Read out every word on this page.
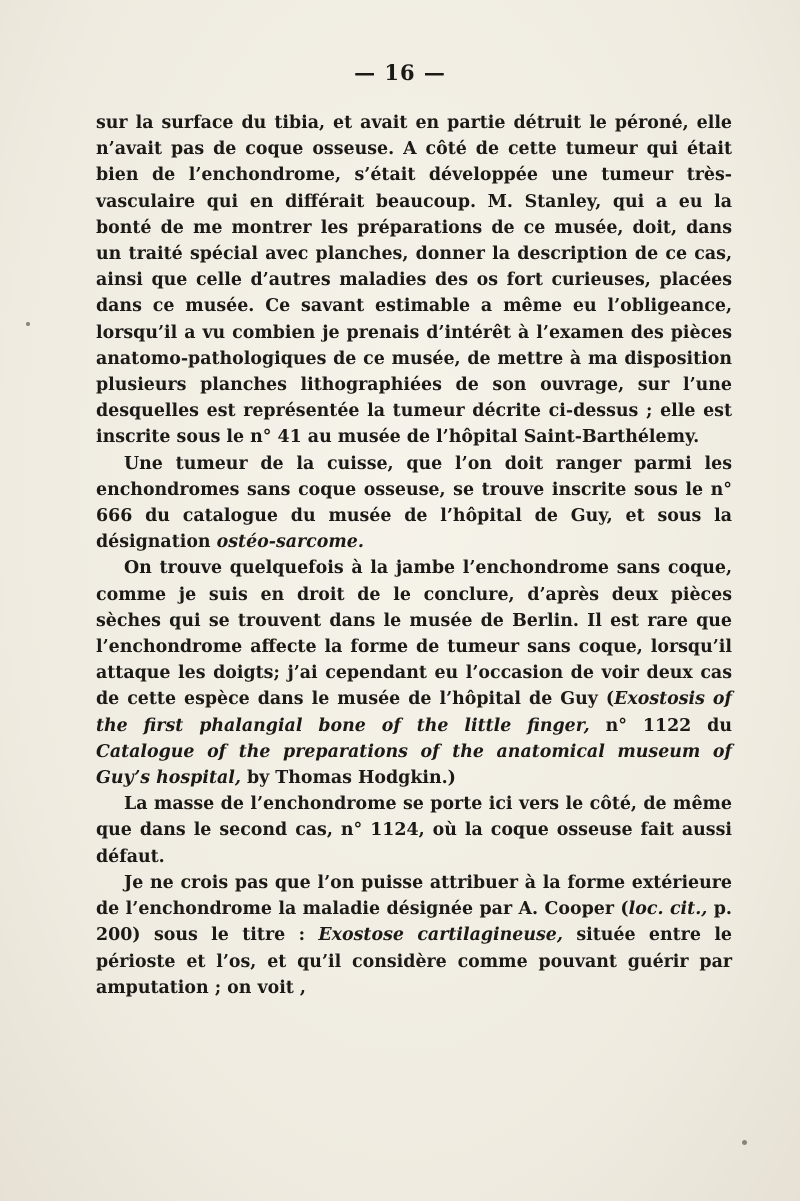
— 16 —

sur la surface du tibia, et avait en partie détruit le péroné, elle n’avait pas de coque osseuse. A côté de cette tumeur qui était bien de l’enchondrome, s’était développée une tumeur très-vasculaire qui en différait beaucoup. M. Stanley, qui a eu la bonté de me montrer les préparations de ce musée, doit, dans un traité spécial avec planches, donner la description de ce cas, ainsi que celle d’autres maladies des os fort curieuses, placées dans ce musée. Ce savant estimable a même eu l’obligeance, lorsqu’il a vu combien je prenais d’intérêt à l’examen des pièces anatomo-pathologiques de ce musée, de mettre à ma disposition plusieurs planches lithographiées de son ouvrage, sur l’une desquelles est représentée la tumeur décrite ci-dessus ; elle est inscrite sous le n° 41 au musée de l’hôpital Saint-Barthélemy.

Une tumeur de la cuisse, que l’on doit ranger parmi les enchondromes sans coque osseuse, se trouve inscrite sous le n° 666 du catalogue du musée de l’hôpital de Guy, et sous la désignation ostéo-sarcome.

On trouve quelquefois à la jambe l’enchondrome sans coque, comme je suis en droit de le conclure, d’après deux pièces sèches qui se trouvent dans le musée de Berlin. Il est rare que l’enchondrome affecte la forme de tumeur sans coque, lorsqu’il attaque les doigts; j’ai cependant eu l’occasion de voir deux cas de cette espèce dans le musée de l’hôpital de Guy (Exostosis of the first phalangial bone of the little finger, n° 1122 du Catalogue of the preparations of the anatomical museum of Guy’s hospital, by Thomas Hodgkin.)

La masse de l’enchondrome se porte ici vers le côté, de même que dans le second cas, n° 1124, où la coque osseuse fait aussi défaut.

Je ne crois pas que l’on puisse attribuer à la forme extérieure de l’enchondrome la maladie désignée par A. Cooper (loc. cit., p. 200) sous le titre : Exostose cartilagineuse, située entre le périoste et l’os, et qu’il considère comme pouvant guérir par amputation ; on voit ,
